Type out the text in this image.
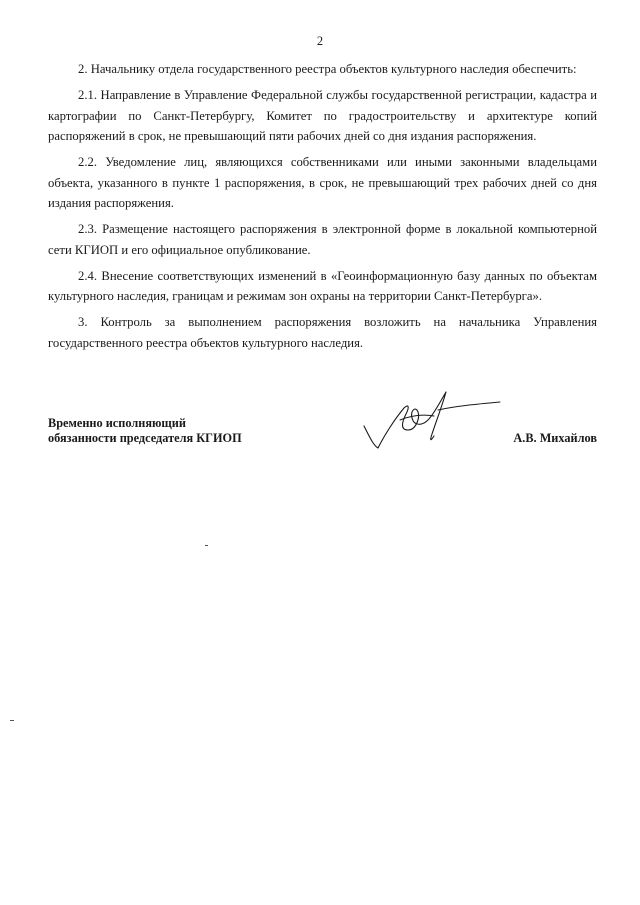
2

2. Начальнику отдела государственного реестра объектов культурного наследия обеспечить:

2.1. Направление в Управление Федеральной службы государственной регистрации, кадастра и картографии по Санкт-Петербургу, Комитет по градостроительству и архитектуре копий распоряжений в срок, не превышающий пяти рабочих дней со дня издания распоряжения.

2.2. Уведомление лиц, являющихся собственниками или иными законными владельцами объекта, указанного в пункте 1 распоряжения, в срок, не превышающий трех рабочих дней со дня издания распоряжения.

2.3. Размещение настоящего распоряжения в электронной форме в локальной компьютерной сети КГИОП и его официальное опубликование.

2.4. Внесение соответствующих изменений в «Геоинформационную базу данных по объектам культурного наследия, границам и режимам зон охраны на территории Санкт-Петербурга».

3. Контроль за выполнением распоряжения возложить на начальника Управления государственного реестра объектов культурного наследия.

Временно исполняющий
обязанности председателя КГИОП	А.В. Михайлов
